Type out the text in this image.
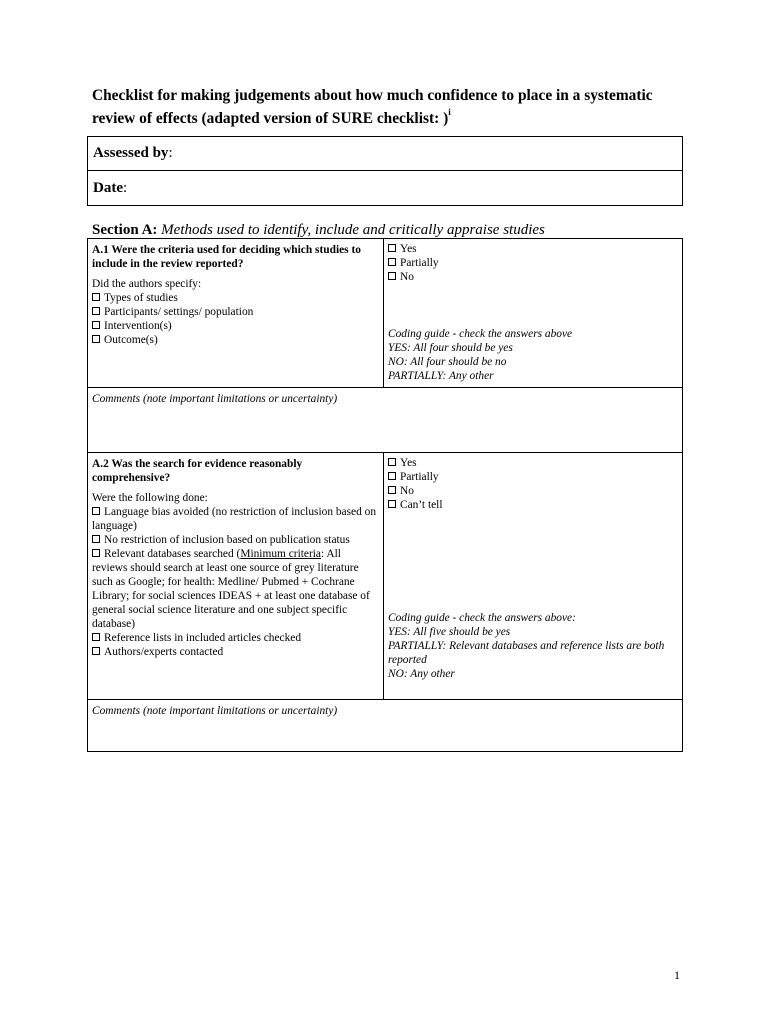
Checklist for making judgements about how much confidence to place in a systematic
review of effects (adapted version of SURE checklist: )$^i$
Assessed by :
Date :
Section A: Methods used to identify, include and critically appraise studies
A.1 Were the criteria used for deciding which studies to include in the review reported?
Did the authors specify:
Types of studies
Participants/ settings/ population
Intervention(s)
Outcome(s)
Yes
Partially
No
Coding guide - check the answers above
YES: All four should be yes
NO: All four should be no
PARTIALLY: Any other
Comments (note important limitations or uncertainty)
A.2 Was the search for evidence reasonably comprehensive?
Were the following done:
Language bias avoided (no restriction of inclusion based on language)
No restriction of inclusion based on publication status
Relevant databases searched (Minimum criteria: All reviews should search at least one source of grey literature such as Google; for health: Medline/ Pubmed + Cochrane Library; for social sciences IDEAS + at least one database of general social science literature and one subject specific database)
Reference lists in included articles checked
Authors/experts contacted
Yes
Partially
No
Can’t tell
Coding guide - check the answers above:
YES: All five should be yes
PARTIALLY: Relevant databases and reference lists are both reported
NO: Any other
Comments (note important limitations or uncertainty)
1
